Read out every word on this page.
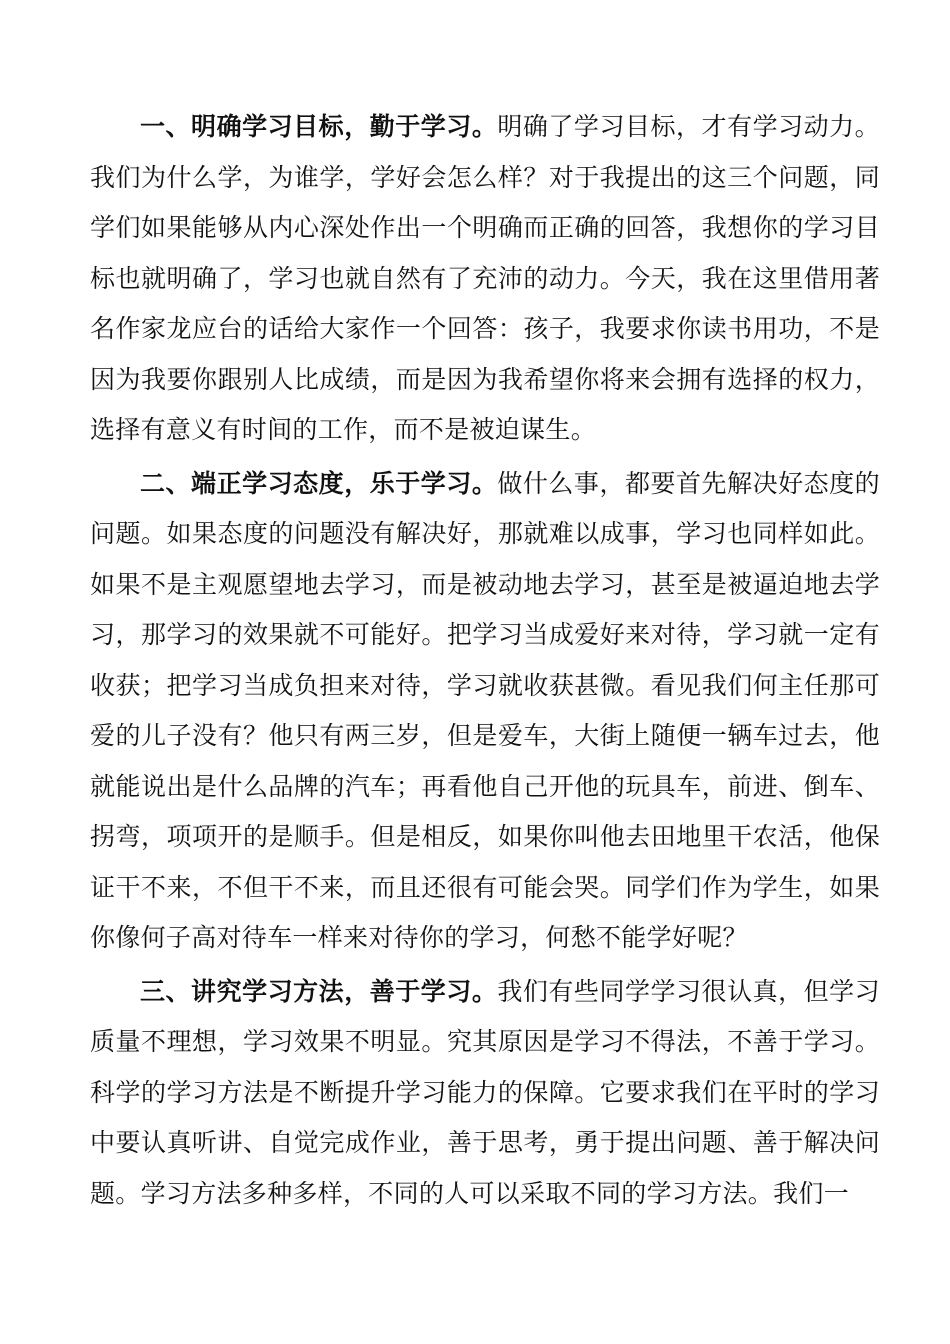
一、明确学习目标，勤于学习。明确了学习目标，才有学习动力。我们为什么学，为谁学，学好会怎么样？对于我提出的这三个问题，同学们如果能够从内心深处作出一个明确而正确的回答，我想你的学习目标也就明确了，学习也就自然有了充沛的动力。今天，我在这里借用著名作家龙应台的话给大家作一个回答：孩子，我要求你读书用功，不是因为我要你跟别人比成绩，而是因为我希望你将来会拥有选择的权力，选择有意义有时间的工作，而不是被迫谋生。

二、端正学习态度，乐于学习。做什么事，都要首先解决好态度的问题。如果态度的问题没有解决好，那就难以成事，学习也同样如此。如果不是主观愿望地去学习，而是被动地去学习，甚至是被逼迫地去学习，那学习的效果就不可能好。把学习当成爱好来对待，学习就一定有收获；把学习当成负担来对待，学习就收获甚微。看见我们何主任那可爱的儿子没有？他只有两三岁，但是爱车，大街上随便一辆车过去，他就能说出是什么品牌的汽车；再看他自己开他的玩具车，前进、倒车、拐弯，项项开的是顺手。但是相反，如果你叫他去田地里干农活，他保证干不来，不但干不来，而且还很有可能会哭。同学们作为学生，如果你像何子高对待车一样来对待你的学习，何愁不能学好呢？

三、讲究学习方法，善于学习。我们有些同学学习很认真，但学习质量不理想，学习效果不明显。究其原因是学习不得法，不善于学习。科学的学习方法是不断提升学习能力的保障。它要求我们在平时的学习中要认真听讲、自觉完成作业，善于思考，勇于提出问题、善于解决问题。学习方法多种多样，不同的人可以采取不同的学习方法。我们一
